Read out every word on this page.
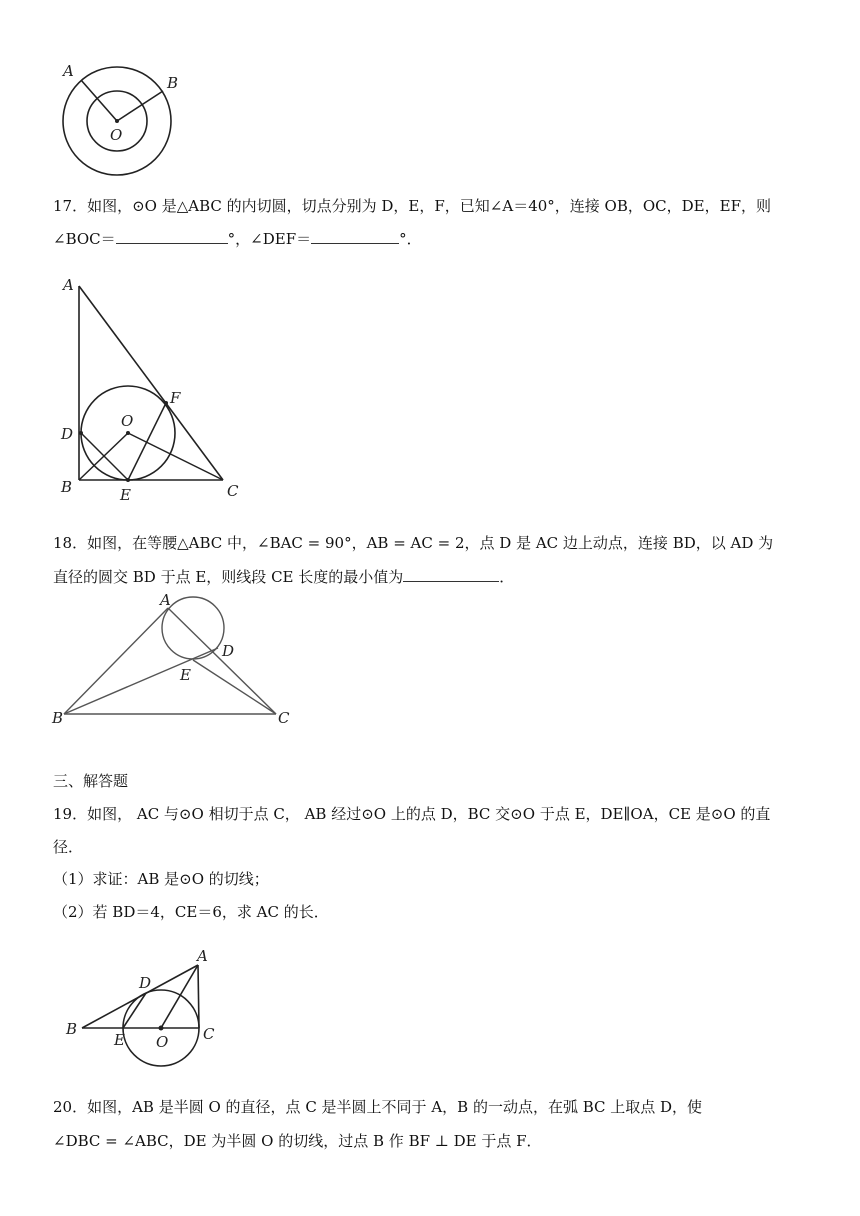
A
B
O
17．如图，⊙O 是△ABC 的内切圆，切点分别为 D，E，F，已知∠A＝40°，连接 OB，OC，DE，EF，则
∠BOC＝	°，∠DEF＝	°．
A
F
O
D
B	E	C
18．如图，在等腰△ABC 中，∠BAC = 90°，AB = AC = 2，点 D 是 AC 边上动点，连接 BD，以 AD 为
直径的圆交 BD 于点 E，则线段 CE 长度的最小值为	．
A
D
E
B	C
三、解答题
19．如图， AC 与⊙O 相切于点 C， AB 经过⊙O 上的点 D，BC 交⊙O 于点 E，DE∥OA，CE 是⊙O 的直
径．
（1）求证：AB 是⊙O 的切线；
（2）若 BD＝4，CE＝6，求 AC 的长．
A
D
B
E O C
20．如图，AB 是半圆 O 的直径，点 C 是半圆上不同于 A，B 的一动点，在弧 BC 上取点 D，使
∠DBC = ∠ABC，DE 为半圆 O 的切线，过点 B 作 BF ⊥ DE 于点 F．
